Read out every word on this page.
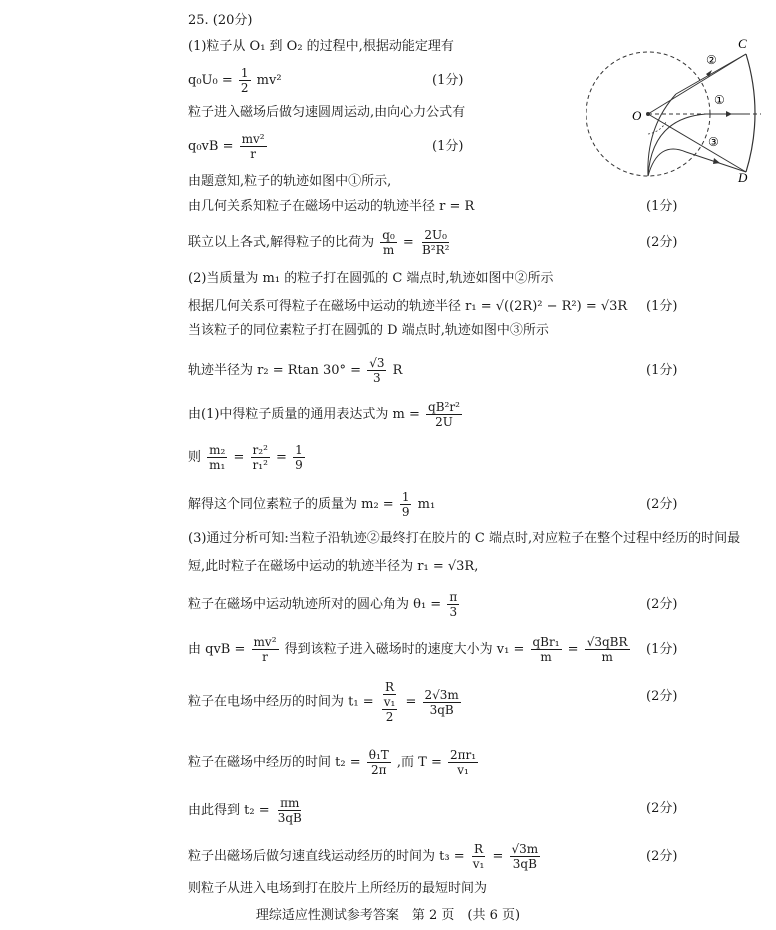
25. (20分)
(1)粒子从 O₁ 到 O₂ 的过程中,根据动能定理有
$q_0U_0 = \frac{1}{2} mv^2$	(1分)
粒子进入磁场后做匀速圆周运动,由向心力公式有
$q_0vB = \frac{\text{mv²}}{r}$	(1分)
由题意知,粒子的轨迹如图中①所示,
由几何关系知粒子在磁场中运动的轨迹半径 r = R	(1分)
联立以上各式,解得粒子的比荷为 $\frac{\text{q₀}}{m} = \frac{\text{2U₀}}{\text{B²R²}}$	(2分)
(2)当质量为 m₁ 的粒子打在圆弧的 C 端点时,轨迹如图中②所示
根据几何关系可得粒子在磁场中运动的轨迹半径 r₁ = √((2R)² − R²) = √3R (1分)
当该粒子的同位素粒子打在圆弧的 D 端点时,轨迹如图中③所示
轨迹半径为 r₂ = Rtan $30^\circ = \frac{√3}{3}$ R	(1分)
由(1)中得粒子质量的通用表达式为 $m = \frac{\text{qB²r²}}{2U}$
则 $\frac{\text{m₂}}{\text{m₁}} = \frac{\text{r₂²}}{\text{r₁²}} = \frac{1}{9}$
解得这个同位素粒子的质量为 $m_2 = \frac{1}{9} m_1$	(2分)
(3)通过分析可知:当粒子沿轨迹②最终打在胶片的 C 端点时,对应粒子在整个过程中经历的时间最
短,此时粒子在磁场中运动的轨迹半径为 r₁ = √3R,
粒子在磁场中运动轨迹所对的圆心角为 $\theta_1 = \frac{\pi}{3}$	(2分)
由 qvB = $\frac{\text{mv²}}{r}$ 得到该粒子进入磁场时的速度大小为 $v_1 = \frac{\text{qBr₁}}{m} = \frac{\text{√3qBR}}{m} (1$分)
粒子在电场中经历的时间为 $t_1 = \frac{R}{\frac{\text{v₁}}{2}} = \frac{2√3m}{3qB}$	(2分)
粒子在磁场中经历的时间 $t_2 = \frac{\text{θ₁T}}{2\pi}$ ,而 $T = \frac{\text{2πr₁}}{\text{v₁}}$
由此得到 $t_2 = \frac{\pi m}{3qB}$	(2分)
粒子出磁场后做匀速直线运动经历的时间为 $t_3 = \frac{R}{\text{v₁}} = \frac{√3m}{3qB}$	(2分)
则粒子从进入电场到打在胶片上所经历的最短时间为
理综适应性测试参考答案　第 2 页　(共 6 页)
C
D
O
①
②
③
